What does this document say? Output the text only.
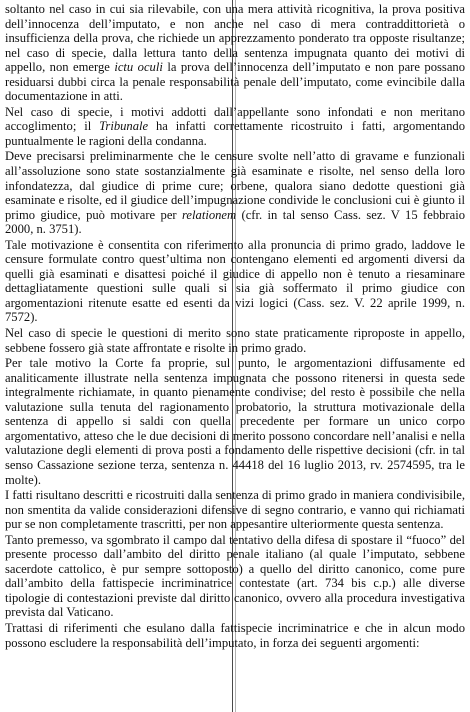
soltanto nel caso in cui sia rilevabile, con una mera attività ricognitiva, la prova positiva dell’innocenza dell’imputato, e non anche nel caso di mera contraddittorietà o insufficienza della prova, che richiede un apprezzamento ponderato tra opposte risultanze; nel caso di specie, dalla lettura tanto della sentenza impugnata quanto dei motivi di appello, non emerge ictu oculi la prova dell’innocenza dell’imputato e non pare possano residuarsi dubbi circa la penale responsabilità penale dell’imputato, come evincibile dalla documentazione in atti.

Nel caso di specie, i motivi addotti dall’appellante sono infondati e non meritano accoglimento; il Tribunale ha infatti correttamente ricostruito i fatti, argomentando puntualmente le ragioni della condanna.

Deve precisarsi preliminarmente che le censure svolte nell’atto di gravame e funzionali all’assoluzione sono state sostanzialmente già esaminate e risolte, nel senso della loro infondatezza, dal giudice di prime cure; orbene, qualora siano dedotte questioni già esaminate e risolte, ed il giudice dell’impugnazione condivide le conclusioni cui è giunto il primo giudice, può motivare per relationem (cfr. in tal senso Cass. sez. V 15 febbraio 2000, n. 3751).

Tale motivazione è consentita con riferimento alla pronuncia di primo grado, laddove le censure formulate contro quest’ultima non contengano elementi ed argomenti diversi da quelli già esaminati e disattesi poiché il giudice di appello non è tenuto a riesaminare dettagliatamente questioni sulle quali si sia già soffermato il primo giudice con argomentazioni ritenute esatte ed esenti da vizi logici (Cass. sez. V. 22 aprile 1999, n. 7572).

Nel caso di specie le questioni di merito sono state praticamente riproposte in appello, sebbene fossero già state affrontate e risolte in primo grado.

Per tale motivo la Corte fa proprie, sul punto, le argomentazioni diffusamente ed analiticamente illustrate nella sentenza impugnata che possono ritenersi in questa sede integralmente richiamate, in quanto pienamente condivise; del resto è possibile che nella valutazione sulla tenuta del ragionamento probatorio, la struttura motivazionale della sentenza di appello si saldi con quella precedente per formare un unico corpo argomentativo, atteso che le due decisioni di merito possono concordare nell’analisi e nella valutazione degli elementi di prova posti a fondamento delle rispettive decisioni (cfr. in tal senso Cassazione sezione terza, sentenza n. 44418 del 16 luglio 2013, rv. 2574595, tra le molte).

I fatti risultano descritti e ricostruiti dalla sentenza di primo grado in maniera condivisibile, non smentita da valide considerazioni difensive di segno contrario, e vanno qui richiamati pur se non completamente trascritti, per non appesantire ulteriormente questa sentenza.

Tanto premesso, va sgombrato il campo dal tentativo della difesa di spostare il “fuoco” del presente processo dall’ambito del diritto penale italiano (al quale l’imputato, sebbene sacerdote cattolico, è pur sempre sottoposto) a quello del diritto canonico, come pure dall’ambito della fattispecie incriminatrice contestate (art. 734 bis c.p.) alle diverse tipologie di contestazioni previste dal diritto canonico, ovvero alla procedura investigativa prevista dal Vaticano.

Trattasi di riferimenti che esulano dalla fattispecie incriminatrice e che in alcun modo possono escludere la responsabilità dell’imputato, in forza dei seguenti argomenti:
